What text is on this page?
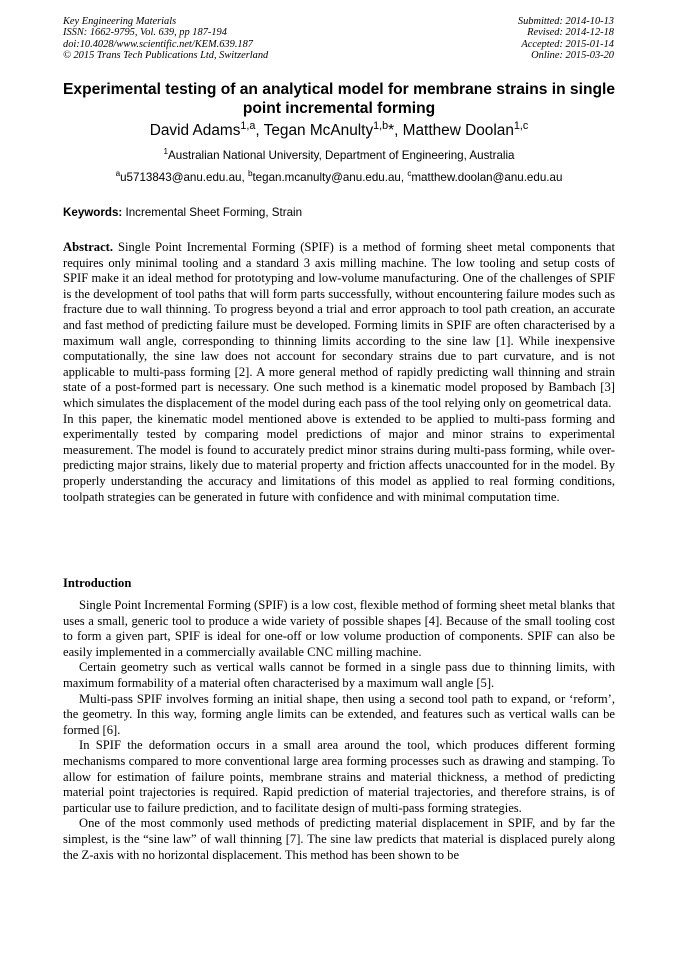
Key Engineering Materials
ISSN: 1662-9795, Vol. 639, pp 187-194
doi:10.4028/www.scientific.net/KEM.639.187
© 2015 Trans Tech Publications Ltd, Switzerland
Submitted: 2014-10-13
Revised: 2014-12-18
Accepted: 2015-01-14
Online: 2015-03-20
Experimental testing of an analytical model for membrane strains in single point incremental forming
David Adams$^{1,a}$, Tegan McAnulty$^{1,b}$*, Matthew Doolan$^{1,c}$
$^1$Australian National University, Department of Engineering, Australia
$^a$u5713843@anu.edu.au, $^b$tegan.mcanulty@anu.edu.au, $^c$matthew.doolan@anu.edu.au
Keywords: Incremental Sheet Forming, Strain

Abstract. Single Point Incremental Forming (SPIF) is a method of forming sheet metal components that requires only minimal tooling and a standard 3 axis milling machine. The low tooling and setup costs of SPIF make it an ideal method for prototyping and low-volume manufacturing. One of the challenges of SPIF is the development of tool paths that will form parts successfully, without encountering failure modes such as fracture due to wall thinning. To progress beyond a trial and error approach to tool path creation, an accurate and fast method of predicting failure must be developed. Forming limits in SPIF are often characterised by a maximum wall angle, corresponding to thinning limits according to the sine law [1]. While inexpensive computationally, the sine law does not account for secondary strains due to part curvature, and is not applicable to multi-pass forming [2]. A more general method of rapidly predicting wall thinning and strain state of a post-formed part is necessary. One such method is a kinematic model proposed by Bambach [3] which simulates the displacement of the model during each pass of the tool relying only on geometrical data.

In this paper, the kinematic model mentioned above is extended to be applied to multi-pass forming and experimentally tested by comparing model predictions of major and minor strains to experimental measurement. The model is found to accurately predict minor strains during multi-pass forming, while over-predicting major strains, likely due to material property and friction affects unaccounted for in the model. By properly understanding the accuracy and limitations of this model as applied to real forming conditions, toolpath strategies can be generated in future with confidence and with minimal computation time.

Introduction

Single Point Incremental Forming (SPIF) is a low cost, flexible method of forming sheet metal blanks that uses a small, generic tool to produce a wide variety of possible shapes [4]. Because of the small tooling cost to form a given part, SPIF is ideal for one-off or low volume production of components. SPIF can also be easily implemented in a commercially available CNC milling machine.

Certain geometry such as vertical walls cannot be formed in a single pass due to thinning limits, with maximum formability of a material often characterised by a maximum wall angle [5].

Multi-pass SPIF involves forming an initial shape, then using a second tool path to expand, or ‘reform’, the geometry. In this way, forming angle limits can be extended, and features such as vertical walls can be formed [6].

In SPIF the deformation occurs in a small area around the tool, which produces different forming mechanisms compared to more conventional large area forming processes such as drawing and stamping. To allow for estimation of failure points, membrane strains and material thickness, a method of predicting material point trajectories is required. Rapid prediction of material trajectories, and therefore strains, is of particular use to failure prediction, and to facilitate design of multi-pass forming strategies.

One of the most commonly used methods of predicting material displacement in SPIF, and by far the simplest, is the “sine law” of wall thinning [7]. The sine law predicts that material is displaced purely along the Z-axis with no horizontal displacement. This method has been shown to be
